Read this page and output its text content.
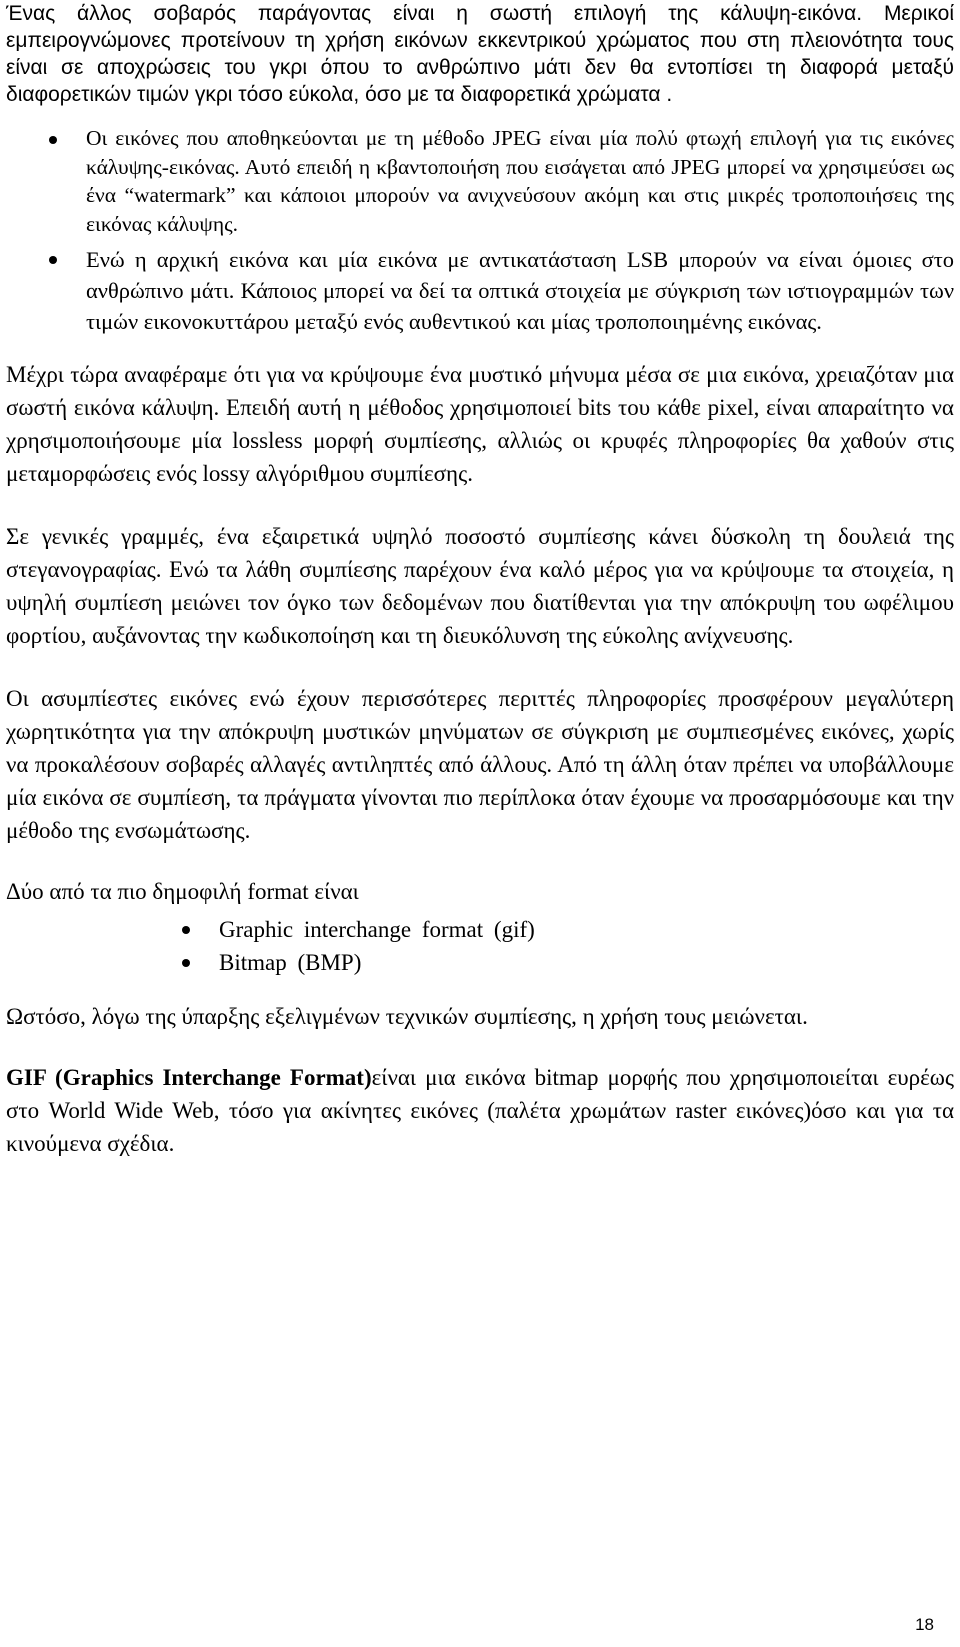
Ένας άλλος σοβαρός παράγοντας είναι η σωστή επιλογή της κάλυψη-εικόνα. Μερικοί εμπειρογνώμονες προτείνουν τη χρήση εικόνων εκκεντρικού χρώματος που στη πλειονότητα τους είναι σε αποχρώσεις του γκρι όπου το ανθρώπινο μάτι δεν θα εντοπίσει τη διαφορά μεταξύ διαφορετικών τιμών γκρι τόσο εύκολα, όσο με τα διαφορετικά χρώματα .

Οι εικόνες που αποθηκεύονται με τη μέθοδο JPEG είναι μία πολύ φτωχή επιλογή για τις εικόνες κάλυψης-εικόνας. Αυτό επειδή η κβαντοποιήση που εισάγεται από JPEG μπορεί να χρησιμεύσει ως ένα “watermark” και κάποιοι μπορούν να ανιχνεύσουν ακόμη και στις μικρές τροποποιήσεις της εικόνας κάλυψης.
Ενώ η αρχική εικόνα και μία εικόνα με αντικατάσταση LSB μπορούν να είναι όμοιες στο ανθρώπινο μάτι. Κάποιος μπορεί να δεί τα οπτικά στοιχεία με σύγκριση των ιστιογραμμών των τιμών εικονοκυττάρου μεταξύ ενός αυθεντικού και μίας τροποποιημένης εικόνας.

Μέχρι τώρα αναφέραμε ότι για να κρύψουμε ένα μυστικό μήνυμα μέσα σε μια εικόνα, χρειαζόταν μια σωστή εικόνα κάλυψη. Επειδή αυτή η μέθοδος χρησιμοποιεί bits του κάθε pixel, είναι απαραίτητο να χρησιμοποιήσουμε μία lossless μορφή συμπίεσης, αλλιώς οι κρυφές πληροφορίες θα χαθούν στις μεταμορφώσεις ενός lossy αλγόριθμου συμπίεσης.

Σε γενικές γραμμές, ένα εξαιρετικά υψηλό ποσοστό συμπίεσης κάνει δύσκολη τη δουλειά της στεγανογραφίας. Ενώ τα λάθη συμπίεσης παρέχουν ένα καλό μέρος για να κρύψουμε τα στοιχεία, η υψηλή συμπίεση μειώνει τον όγκο των δεδομένων που διατίθενται για την απόκρυψη του ωφέλιμου φορτίου, αυξάνοντας την κωδικοποίηση και τη διευκόλυνση της εύκολης ανίχνευσης.

Οι ασυμπίεστες εικόνες ενώ έχουν περισσότερες περιττές πληροφορίες προσφέρουν μεγαλύτερη χωρητικότητα για την απόκρυψη μυστικών μηνύματων σε σύγκριση με συμπιεσμένες εικόνες, χωρίς να προκαλέσουν σοβαρές αλλαγές αντιληπτές από άλλους. Από τη άλλη όταν πρέπει να υποβάλλουμε μία εικόνα σε συμπίεση, τα πράγματα γίνονται πιο περίπλοκα όταν έχουμε να προσαρμόσουμε και την μέθοδο της ενσωμάτωσης.

Δύο από τα πιο δημοφιλή format είναι

Graphic interchange format (gif)
Bitmap (BMP)

Ωστόσο, λόγω της ύπαρξης εξελιγμένων τεχνικών συμπίεσης, η χρήση τους μειώνεται.

GIF (Graphics Interchange Format)είναι μια εικόνα bitmap μορφής που χρησιμοποιείται ευρέως στο World Wide Web, τόσο για ακίνητες εικόνες (παλέτα χρωμάτων raster εικόνες)όσο και για τα κινούμενα σχέδια.

18
